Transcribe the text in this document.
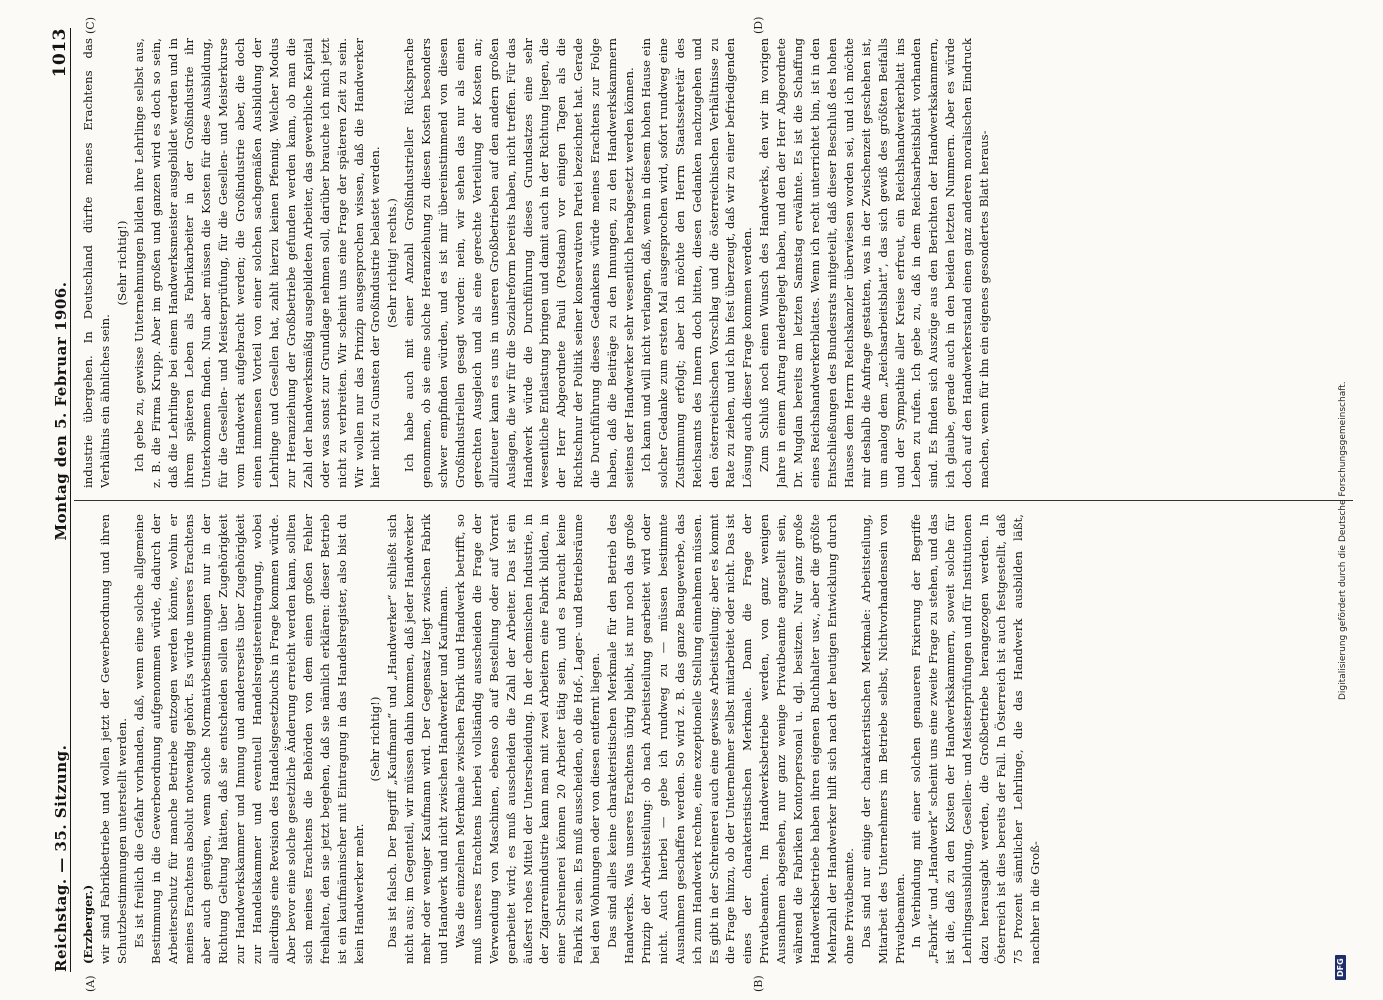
Reichstag. — 35. Sitzung.
Montag den 5. Februar 1906.
1013
(A)	(B)
(C)	(D)

(Erzberger.) wir sind Fabrikbetriebe und wollen jetzt der Gewerbeordnung und ihren Schutzbestimmungen unterstellt werden. Es ist freilich die Gefahr vorhanden, daß, wenn eine solche allgemeine Bestimmung in die Gewerbeordnung aufgenommen würde, dadurch der Arbeiterschutz für manche Betriebe entzogen werden könnte, wohin er meines Erachtens absolut notwendig gehört. Es würde unseres Erachtens aber auch genügen, wenn solche Normativbestimmungen nur in der Richtung Geltung hätten, daß sie entscheiden sollen über Zugehörigkeit zur Handwerkskammer und Innung und andererseits über Zugehörigkeit zur Handelskammer und eventuell Handelsregistereintragung, wobei allerdings eine Revision des Handelsgesetzbuchs in Frage kommen würde. Aber bevor eine solche gesetzliche Änderung erreicht werden kann, sollten sich meines Erachtens die Behörden von dem einen großen Fehler freihalten, den sie jetzt begehen, daß sie nämlich erklären: dieser Betrieb ist ein kaufmännischer mit Eintragung in das Handelsregister, also bist du kein Handwerker mehr.

(Sehr richtig!) Das ist falsch. Der Begriff „Kaufmann“ und „Handwerker“ schließt sich nicht aus; im Gegenteil, wir müssen dahin kommen, daß jeder Handwerker mehr oder weniger Kaufmann wird. Der Gegensatz liegt zwischen Fabrik und Handwerk und nicht zwischen Handwerker und Kaufmann. Was die einzelnen Merkmale zwischen Fabrik und Handwerk betrifft, so muß unseres Erachtens hierbei vollständig ausscheiden die Frage der Verwendung von Maschinen, ebenso ob auf Bestellung oder auf Vorrat gearbeitet wird; es muß ausscheiden die Zahl der Arbeiter. Das ist ein äußerst rohes Mittel der Unterscheidung. In der chemischen Industrie, in der Zigarrenindustrie kann man mit zwei Arbeitern eine Fabrik bilden, in einer Schreinerei können 20 Arbeiter tätig sein, und es braucht keine Fabrik zu sein. Es muß ausscheiden, ob die Hof-, Lager- und Betriebsräume bei den Wohnungen oder von diesen entfernt liegen. Das sind alles keine charakteristischen Merkmale für den Betrieb des Handwerks. Was unseres Erachtens übrig bleibt, ist nur noch das große Prinzip der Arbeitsteilung: ob nach Arbeitsteilung gearbeitet wird oder nicht. Auch hierbei — gebe ich rundweg zu — müssen bestimmte Ausnahmen geschaffen werden. So wird z. B. das ganze Baugewerbe, das ich zum Handwerk rechne, eine exzeptionelle Stellung einnehmen müssen. Es gibt in der Schreinerei auch eine gewisse Arbeitsteilung; aber es kommt die Frage hinzu, ob der Unternehmer selbst mitarbeitet oder nicht. Das ist eines der charakteristischen Merkmale. Dann die Frage der Privatbeamten. Im Handwerksbetriebe werden, von ganz wenigen Ausnahmen abgesehen, nur ganz wenige Privatbeamte angestellt sein, während die Fabriken Kontorpersonal u. dgl. besitzen. Nur ganz große Handwerksbetriebe haben ihren eigenen Buchhalter usw., aber die größte Mehrzahl der Handwerker hilft sich nach der heutigen Entwicklung durch ohne Privatbeamte. Das sind nur einige der charakteristischen Merkmale: Arbeitsteilung, Mitarbeit des Unternehmers im Betriebe selbst, Nichtvorhandensein von Privatbeamten. In Verbindung mit einer solchen genaueren Fixierung der Begriffe „Fabrik“ und „Handwerk“ scheint uns eine zweite Frage zu stehen, und das ist die, daß zu den Kosten der Handwerkskammern, soweit solche für Lehrlingsausbildung, Gesellen- und Meisterprüfungen und für Institutionen dazu herausgabt werden, die Großbetriebe herangezogen werden. In Österreich ist dies bereits der Fall. In Österreich ist auch festgestellt, daß 75 Prozent sämtlicher Lehrlinge, die das Handwerk ausbilden läßt, nachher in die Groß-

industrie übergehen. In Deutschland dürfte meines Erachtens das Verhältnis ein ähnliches sein.

(Sehr richtig!) Ich gebe zu, gewisse Unternehmungen bilden ihre Lehrlinge selbst aus, z. B. die Firma Krupp. Aber im großen und ganzen wird es doch so sein, daß die Lehrlinge bei einem Handwerksmeister ausgebildet werden und in ihrem späteren Leben als Fabrikarbeiter in der Großindustrie ihr Unterkommen finden. Nun aber müssen die Kosten für diese Ausbildung, für die Gesellen- und Meisterprüfung, für die Gesellen- und Meisterkurse vom Handwerk aufgebracht werden; die Großindustrie aber, die doch einen immensen Vorteil von einer solchen sachgemäßen Ausbildung der Lehrlinge und Gesellen hat, zahlt hierzu keinen Pfennig. Welcher Modus zur Heranziehung der Großbetriebe gefunden werden kann, ob man die Zahl der handwerksmäßig ausgebildeten Arbeiter, das gewerbliche Kapital oder was sonst zur Grundlage nehmen soll, darüber brauche ich mich jetzt nicht zu verbreiten. Wir scheint uns eine Frage der späteren Zeit zu sein. Wir wollen nur das Prinzip ausgesprochen wissen, daß die Handwerker hier nicht zu Gunsten der Großindustrie belastet werden. (Sehr richtig! rechts.) Ich habe auch mit einer Anzahl Großindustrieller Rücksprache genommen, ob sie eine solche Heranziehung zu diesen Kosten besonders schwer empfinden würden, und es ist mir übereinstimmend von diesen Großindustriellen gesagt worden: nein, wir sehen das nur als einen gerechten Ausgleich und als eine gerechte Verteilung der Kosten an; allzuteuer kann es uns in unseren Großbetrieben auf den andern großen Auslagen, die wir für die Sozialreform bereits haben, nicht treffen. Für das Handwerk würde die Durchführung dieses Grundsatzes eine sehr wesentliche Entlastung bringen und damit auch in der Richtung liegen, die der Herr Abgeordnete Pauli (Potsdam) vor einigen Tagen als die Richtschnur der Politik seiner konservativen Partei bezeichnet hat. Gerade die Durchführung dieses Gedankens würde meines Erachtens zur Folge haben, daß die Beiträge zu den Innungen, zu den Handwerkskammern seitens der Handwerker sehr wesentlich herabgesetzt werden können. Ich kann und will nicht verlangen, daß, wenn in diesem hohen Hause ein solcher Gedanke zum ersten Mal ausgesprochen wird, sofort rundweg eine Zustimmung erfolgt; aber ich möchte den Herrn Staatssekretär des Reichsamts des Innern doch bitten, diesen Gedanken nachzugehen und den österreichischen Vorschlag und die österreichischen Verhältnisse zu Rate zu ziehen, und ich bin fest überzeugt, daß wir zu einer befriedigenden Lösung auch dieser Frage kommen werden. Zum Schluß noch einen Wunsch des Handwerks, den wir im vorigen Jahre in einem Antrag niedergelegt haben, und den der Herr Abgeordnete Dr. Mugdan bereits am letzten Samstag erwähnte. Es ist die Schaffung eines Reichshandwerkerblattes. Wenn ich recht unterrichtet bin, ist in den Entschließungen des Bundesrats mitgeteilt, daß dieser Beschluß des hohen Hauses dem Herrn Reichskanzler überwiesen worden sei, und ich möchte mir deshalb die Anfrage gestatten, was in der Zwischenzeit geschehen ist, um analog dem „Reichsarbeitsblatt“, das sich gewiß des größten Beifalls und der Sympathie aller Kreise erfreut, ein Reichshandwerkerblatt ins Leben zu rufen. Ich gebe zu, daß in dem Reichsarbeitsblatt vorhanden sind. Es finden sich Auszüge aus den Berichten der Handwerkskammern, ich glaube, gerade auch in den beiden letzten Nummern. Aber es würde doch auf den Handwerkerstand einen ganz anderen moralischen Eindruck machen, wenn für ihn ein eigenes gesondertes Blatt heraus-

DFG
Digitalisierung gefördert durch die Deutsche Forschungsgemeinschaft.
